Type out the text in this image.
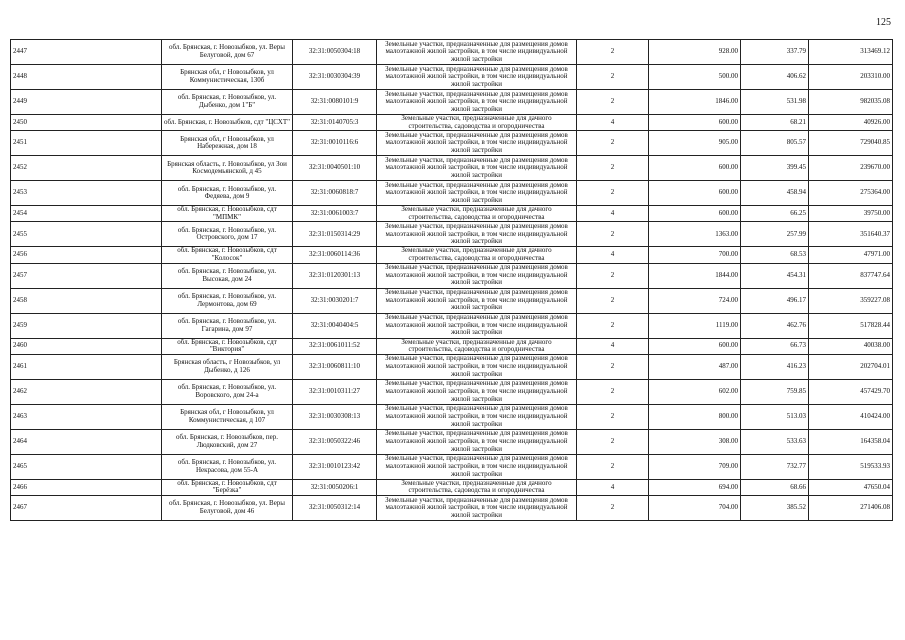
125
2447	обл. Брянская, г. Новозыбков, ул. Веры Белуговой, дом 67	32:31:0050304:18	Земельные участки, предназначенные для размещения домов малоэтажной жилой застройки, в том числе индивидуальной жилой застройки	2	928.00	337.79	313469.12
2448	Брянская обл, г Новозыбков, ул Коммунистическая, 130б	32:31:0030304:39	Земельные участки, предназначенные для размещения домов малоэтажной жилой застройки, в том числе индивидуальной жилой застройки	2	500.00	406.62	203310.00
2449	обл. Брянская, г. Новозыбков, ул. Дыбенко, дом 1"Б"	32:31:0080101:9	Земельные участки, предназначенные для размещения домов малоэтажной жилой застройки, в том числе индивидуальной жилой застройки	2	1846.00	531.98	982035.08
2450	обл. Брянская, г. Новозыбков, сдт "ЦСХТ"	32:31:0140705:3	Земельные участки, предназначенные для дачного строительства, садоводства и огородничества	4	600.00	68.21	40926.00
2451	Брянская обл, г Новозыбков, ул Набережная, дом 18	32:31:0010116:6	Земельные участки, предназначенные для размещения домов малоэтажной жилой застройки, в том числе индивидуальной жилой застройки	2	905.00	805.57	729040.85
2452	Брянская область, г. Новозыбков, ул Зои Космодемьянской, д 45	32:31:0040501:10	Земельные участки, предназначенные для размещения домов малоэтажной жилой застройки, в том числе индивидуальной жилой застройки	2	600.00	399.45	239670.00
2453	обл. Брянская, г. Новозыбков, ул. Федяева, дом 9	32:31:0060818:7	Земельные участки, предназначенные для размещения домов малоэтажной жилой застройки, в том числе индивидуальной жилой застройки	2	600.00	458.94	275364.00
2454	обл. Брянская, г. Новозыбков, сдт "МПМК"	32:31:0061003:7	Земельные участки, предназначенные для дачного строительства, садоводства и огородничества	4	600.00	66.25	39750.00
2455	обл. Брянская, г. Новозыбков, ул. Островского, дом 17	32:31:0150314:29	Земельные участки, предназначенные для размещения домов малоэтажной жилой застройки, в том числе индивидуальной жилой застройки	2	1363.00	257.99	351640.37
2456	обл. Брянская, г. Новозыбков, сдт "Колосок"	32:31:0060114:36	Земельные участки, предназначенные для дачного строительства, садоводства и огородничества	4	700.00	68.53	47971.00
2457	обл. Брянская, г. Новозыбков, ул. Высокая, дом 24	32:31:0120301:13	Земельные участки, предназначенные для размещения домов малоэтажной жилой застройки, в том числе индивидуальной жилой застройки	2	1844.00	454.31	837747.64
2458	обл. Брянская, г. Новозыбков, ул. Лермонтова, дом 69	32:31:0030201:7	Земельные участки, предназначенные для размещения домов малоэтажной жилой застройки, в том числе индивидуальной жилой застройки	2	724.00	496.17	359227.08
2459	обл. Брянская, г. Новозыбков, ул. Гагарина, дом 97	32:31:0040404:5	Земельные участки, предназначенные для размещения домов малоэтажной жилой застройки, в том числе индивидуальной жилой застройки	2	1119.00	462.76	517828.44
2460	обл. Брянская, г. Новозыбков, сдт "Виктория"	32:31:0061011:52	Земельные участки, предназначенные для дачного строительства, садоводства и огородничества	4	600.00	66.73	40038.00
2461	Брянская область, г Новозыбков, ул Дыбенко, д 126	32:31:0060811:10	Земельные участки, предназначенные для размещения домов малоэтажной жилой застройки, в том числе индивидуальной жилой застройки	2	487.00	416.23	202704.01
2462	обл. Брянская, г. Новозыбков, ул. Воровского, дом 24-а	32:31:0010311:27	Земельные участки, предназначенные для размещения домов малоэтажной жилой застройки, в том числе индивидуальной жилой застройки	2	602.00	759.85	457429.70
2463	Брянская обл, г Новозыбков, ул Коммунистическая, д 107	32:31:0030308:13	Земельные участки, предназначенные для размещения домов малоэтажной жилой застройки, в том числе индивидуальной жилой застройки	2	800.00	513.03	410424.00
2464	обл. Брянская, г. Новозыбков, пер. Людковский, дом 27	32:31:0050322:46	Земельные участки, предназначенные для размещения домов малоэтажной жилой застройки, в том числе индивидуальной жилой застройки	2	308.00	533.63	164358.04
2465	обл. Брянская, г. Новозыбков, ул. Некрасова, дом 55-А	32:31:0010123:42	Земельные участки, предназначенные для размещения домов малоэтажной жилой застройки, в том числе индивидуальной жилой застройки	2	709.00	732.77	519533.93
2466	обл. Брянская, г. Новозыбков, сдт "Берёзка"	32:31:0050206:1	Земельные участки, предназначенные для дачного строительства, садоводства и огородничества	4	694.00	68.66	47650.04
2467	обл. Брянская, г. Новозыбков, ул. Веры Белуговой, дом 46	32:31:0050312:14	Земельные участки, предназначенные для размещения домов малоэтажной жилой застройки, в том числе индивидуальной жилой застройки	2	704.00	385.52	271406.08
